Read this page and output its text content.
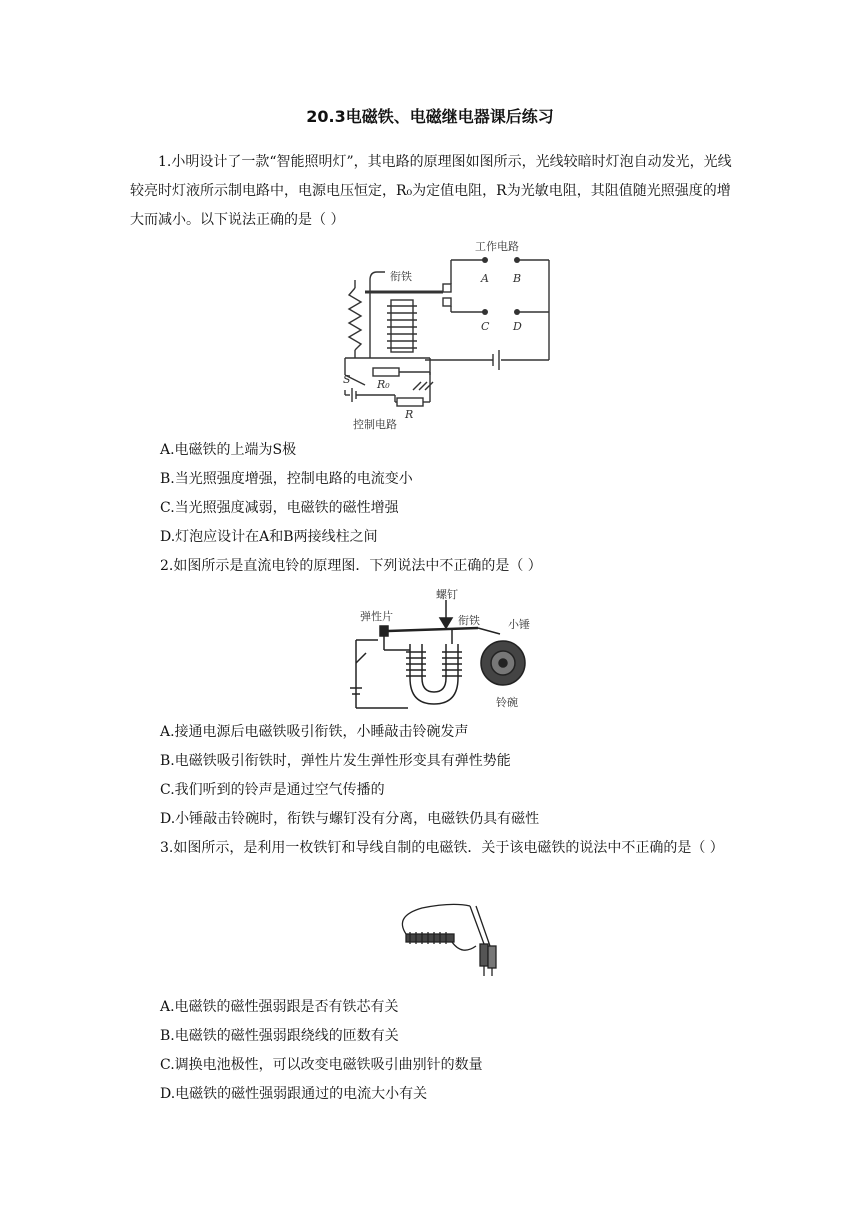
20.3电磁铁、电磁继电器课后练习
1.小明设计了一款“智能照明灯”，其电路的原理图如图所示，光线较暗时灯泡自动发光，光线较亮时灯液所示制电路中，电源电压恒定，R₀为定值电阻，R为光敏电阻，其阻值随光照强度的增大而减小。以下说法正确的是（ ）
工作电路
衔铁	A B
C D
S R₀
R
控制电路
A.电磁铁的上端为S极
B.当光照强度增强，控制电路的电流变小
C.当光照强度减弱，电磁铁的磁性增强
D.灯泡应设计在A和B两接线柱之间
2.如图所示是直流电铃的原理图．下列说法中不正确的是（ ）
螺钉
弹性片	衔铁	小锤
铃碗
A.接通电源后电磁铁吸引衔铁，小睡敲击铃碗发声
B.电磁铁吸引衔铁时，弹性片发生弹性形变具有弹性势能
C.我们听到的铃声是通过空气传播的
D.小锤敲击铃碗时，衔铁与螺钉没有分离，电磁铁仍具有磁性
3.如图所示，是利用一枚铁钉和导线自制的电磁铁．关于该电磁铁的说法中不正确的是（ ）
A.电磁铁的磁性强弱跟是否有铁芯有关
B.电磁铁的磁性强弱跟绕线的匝数有关
C.调换电池极性，可以改变电磁铁吸引曲别针的数量
D.电磁铁的磁性强弱跟通过的电流大小有关
